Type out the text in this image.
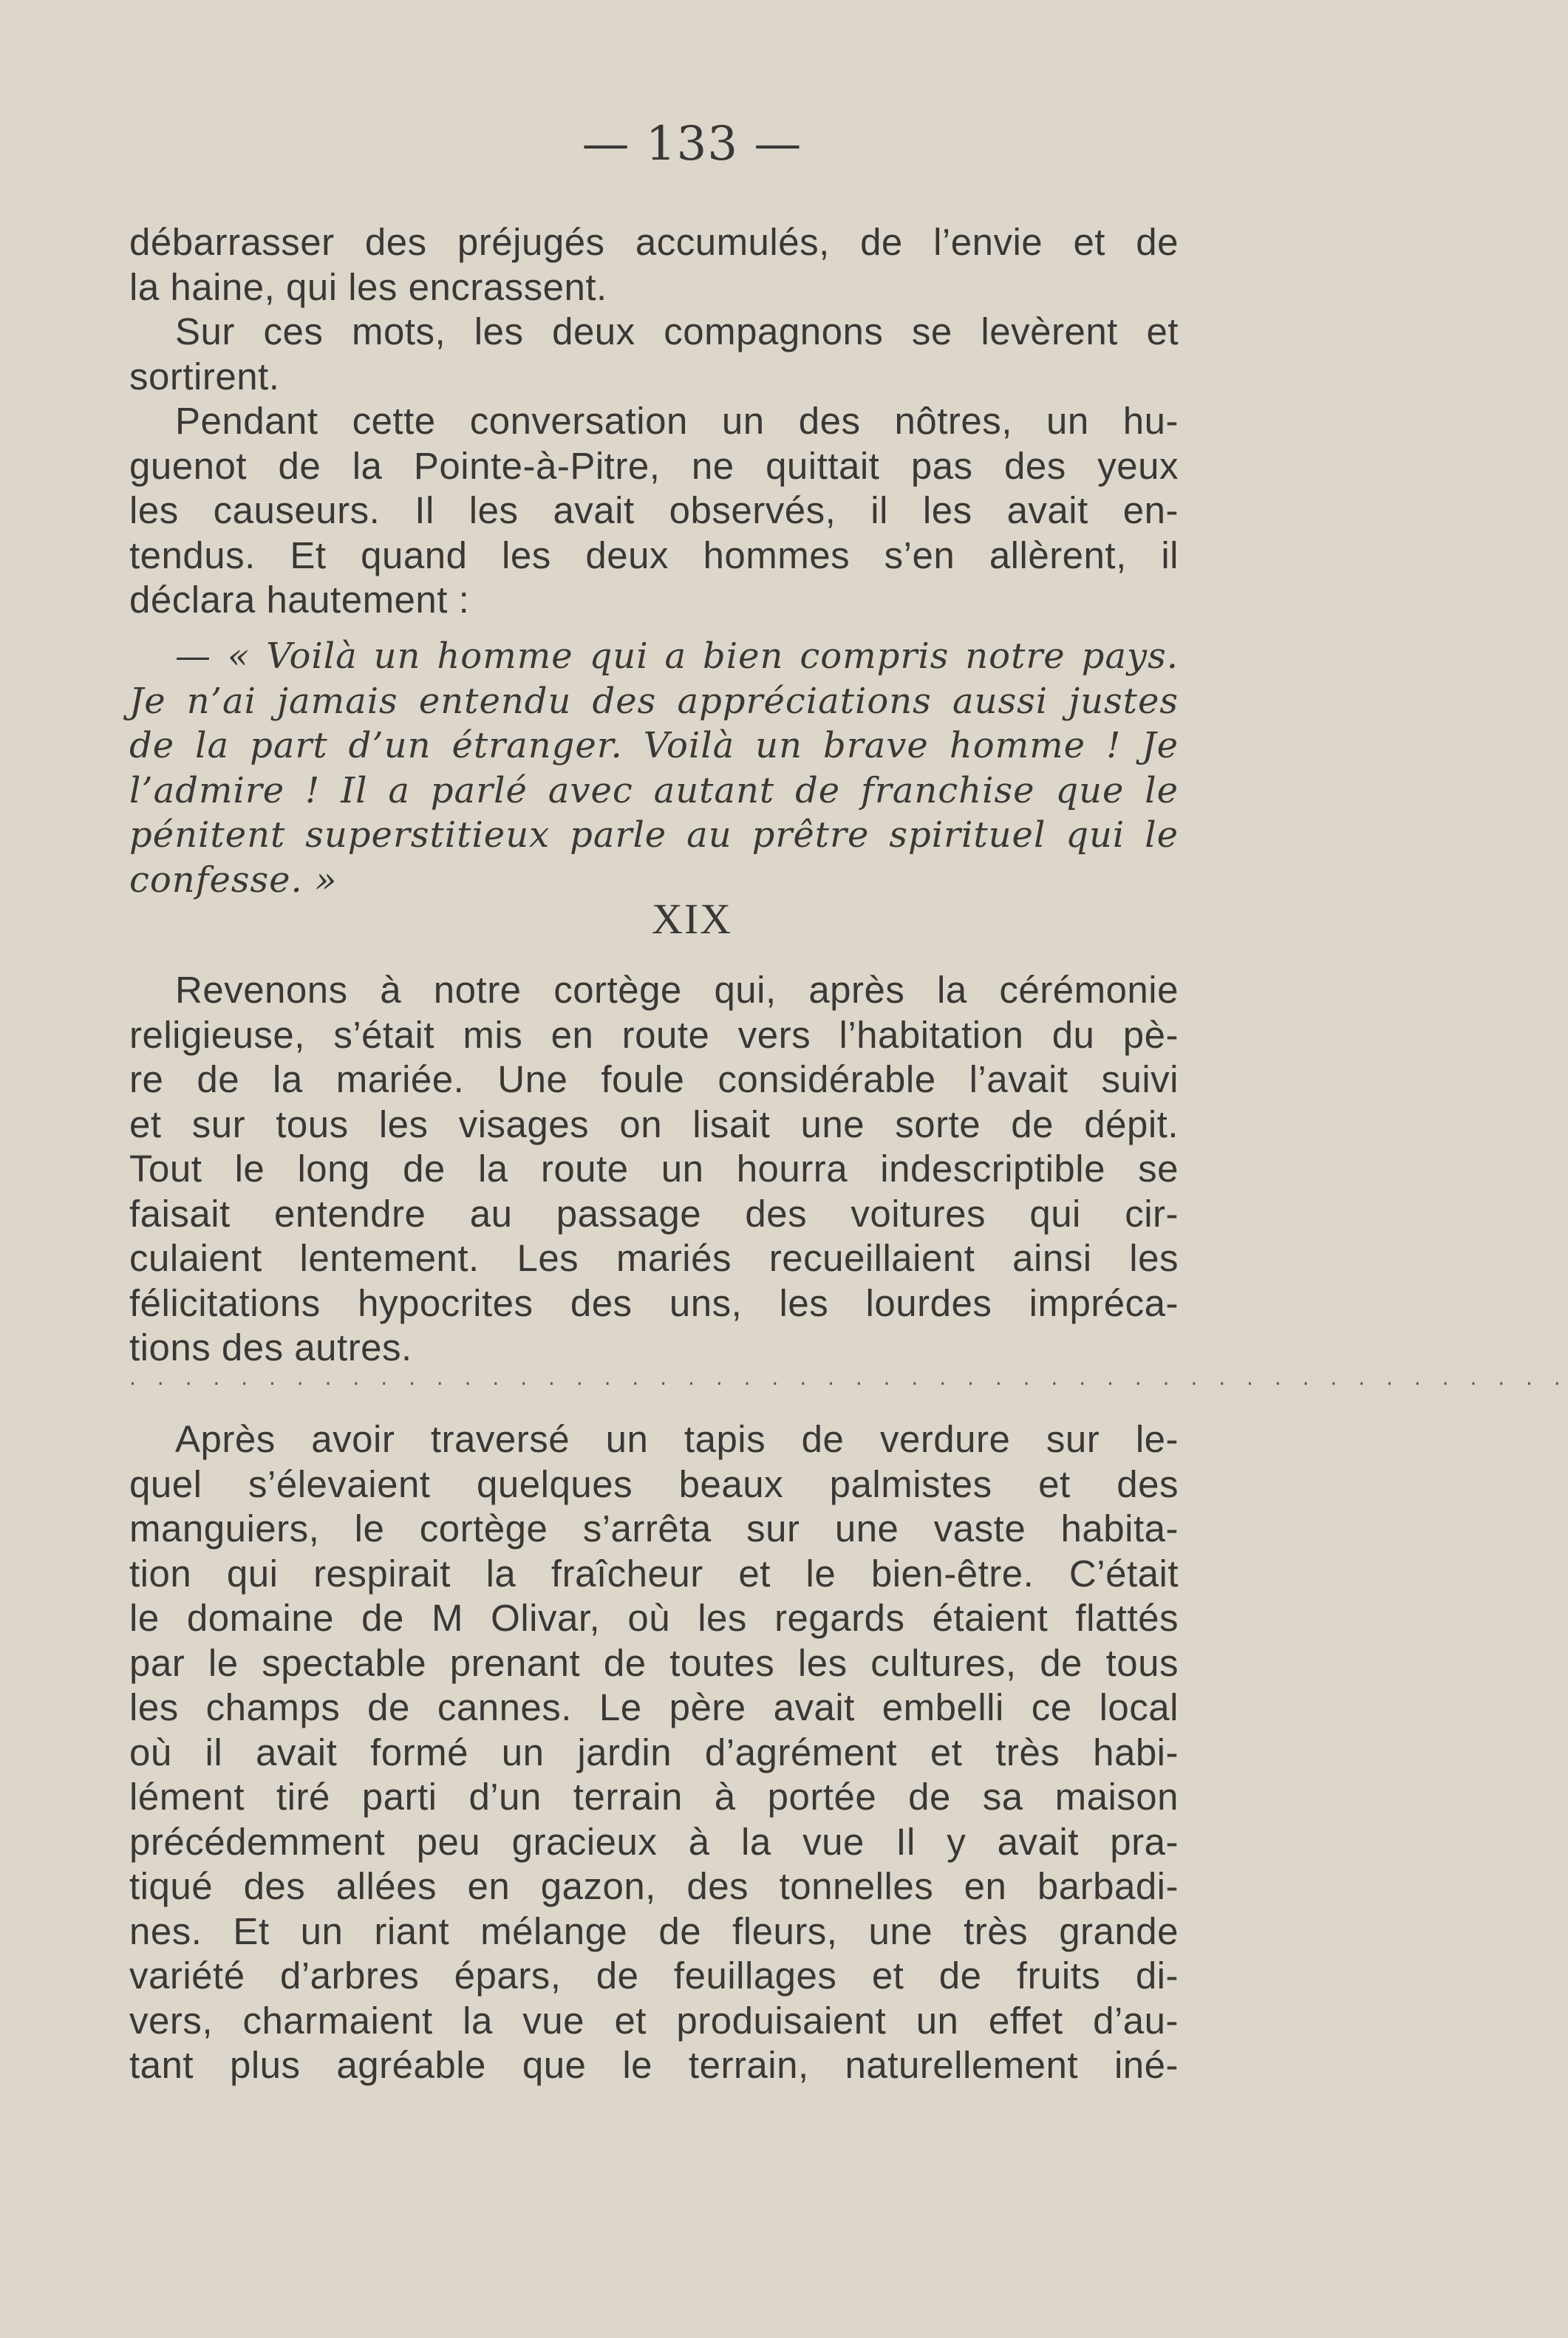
— 133 —
débarrasser des préjugés accumulés, de l’envie et de
la haine, qui les encrassent.
Sur ces mots, les deux compagnons se levèrent et
sortirent.
Pendant cette conversation un des nôtres, un hu-
guenot de la Pointe-à-Pitre, ne quittait pas des yeux
les causeurs. Il les avait observés, il les avait en-
tendus. Et quand les deux hommes s’en allèrent, il
déclara hautement :
— « Voilà un homme qui a bien compris notre pays.
Je n’ai jamais entendu des appréciations aussi justes
de la part d’un étranger. Voilà un brave homme ! Je
l’admire ! Il a parlé avec autant de franchise que le
pénitent superstitieux parle au prêtre spirituel qui le
confesse. »
XIX
Revenons à notre cortège qui, après la cérémonie
religieuse, s’était mis en route vers l’habitation du pè-
re de la mariée. Une foule considérable l’avait suivi
et sur tous les visages on lisait une sorte de dépit.
Tout le long de la route un hourra indescriptible se
faisait entendre au passage des voitures qui cir-
culaient lentement. Les mariés recueillaient ainsi les
félicitations hypocrites des uns, les lourdes impréca-
tions des autres.
. . . . . . . . . . . . . . . . . . . . . . . . . . . . . . . . . . . . . . . . . . . . . . . . . . . .
Après avoir traversé un tapis de verdure sur le-
quel s’élevaient quelques beaux palmistes et des
manguiers, le cortège s’arrêta sur une vaste habita-
tion qui respirait la fraîcheur et le bien-être. C’était
le domaine de M Olivar, où les regards étaient flattés
par le spectable prenant de toutes les cultures, de tous
les champs de cannes. Le père avait embelli ce local
où il avait formé un jardin d’agrément et très habi-
lément tiré parti d’un terrain à portée de sa maison
précédemment peu gracieux à la vue Il y avait pra-
tiqué des allées en gazon, des tonnelles en barbadi-
nes. Et un riant mélange de fleurs, une très grande
variété d’arbres épars, de feuillages et de fruits di-
vers, charmaient la vue et produisaient un effet d’au-
tant plus agréable que le terrain, naturellement iné-
